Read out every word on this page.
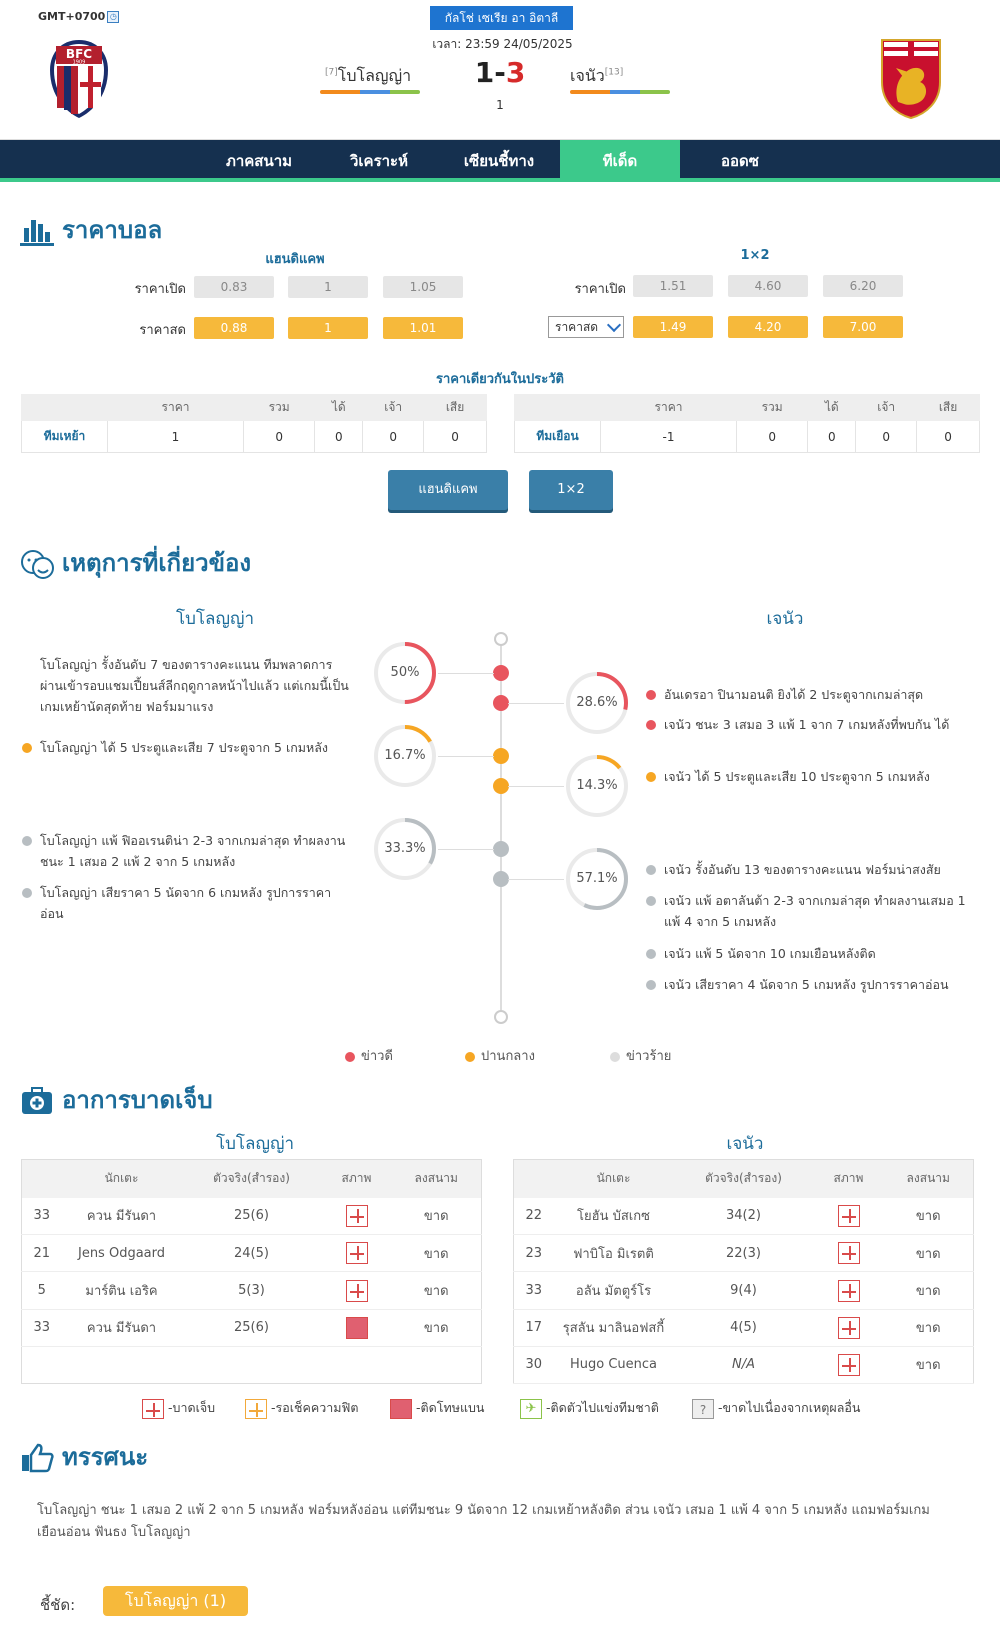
GMT+0700 ◷	กัลโช่ เซเรีย อา อิตาลี
เวลา: 23:59 24/05/2025
BFC
1909
[7]โบโลญญ่า 1-3
1
เจนัว[13]
ภาคสนาม	วิเคราะห์	เซียนชี้ทาง	ทีเด็ด	ออดซ
ราคาบอล
แฮนดิแคพ	1×2
ราคาเปิด	0.83	1	1.05
ราคาสด	0.88	1	1.01
ราคาเปิด	1.51	4.60	6.20
ราคาสด	1.49	4.20	7.00
ราคาเดียวกันในประวัติ
	ราคา	รวม	ได้	เจ้า	เสีย
ทีมเหย้า	1	0	0	0	0
	ราคา	รวม	ได้	เจ้า	เสีย
ทีมเยือน	-1	0	0	0	0
แฮนดิแคพ	1×2
เหตุการที่เกี่ยวข้อง
โบโลญญ่า	เจนัว
โบโลญญ่า รั้งอันดับ 7 ของตารางคะแนน ทีมพลาดการผ่านเข้ารอบแชมเปี้ยนส์ลีกฤดูกาลหน้าไปแล้ว แต่เกมนี้เป็นเกมเหย้านัดสุดท้าย ฟอร์มมาแรง
โบโลญญ่า ได้ 5 ประตูและเสีย 7 ประตูจาก 5 เกมหลัง
โบโลญญ่า แพ้ ฟิออเรนติน่า 2-3 จากเกมล่าสุด ทำผลงานชนะ 1 เสมอ 2 แพ้ 2 จาก 5 เกมหลัง
โบโลญญ่า เสียราคา 5 นัดจาก 6 เกมหลัง รูปการราคาอ่อน
อันเดรอา ปินามอนติ ยิงได้ 2 ประตูจากเกมล่าสุด
เจนัว ชนะ 3 เสมอ 3 แพ้ 1 จาก 7 เกมหลังที่พบกัน ได้
เจนัว ได้ 5 ประตูและเสีย 10 ประตูจาก 5 เกมหลัง
เจนัว รั้งอันดับ 13 ของตารางคะแนน ฟอร์มน่าสงสัย
เจนัว แพ้ อตาลันต้า 2-3 จากเกมล่าสุด ทำผลงานเสมอ 1 แพ้ 4 จาก 5 เกมหลัง
เจนัว แพ้ 5 นัดจาก 10 เกมเยือนหลังติด
เจนัว เสียราคา 4 นัดจาก 5 เกมหลัง รูปการราคาอ่อน
50%
28.6%
16.7%
14.3%
33.3%
57.1%
ข่าวดี	ปานกลาง	ข่าวร้าย
อาการบาดเจ็บ
โบโลญญ่า	เจนัว
	นักเตะ	ตัวจริง(สำรอง)	สภาพ	ลงสนาม
33	ควน มีรันดา	25(6)		ขาด
21	Jens Odgaard	24(5)		ขาด
5	มาร์ติน เอริค	5(3)		ขาด
33	ควน มีรันดา	25(6)		ขาด

	นักเตะ	ตัวจริง(สำรอง)	สภาพ	ลงสนาม
22	โยฮัน บัสเกซ	34(2)		ขาด
23	ฟาบิโอ มิเรตติ	22(3)		ขาด
33	อลัน มัตตูร์โร	9(4)		ขาด
17	รุสลัน มาลินอฟสกี้	4(5)		ขาด
30	Hugo Cuenca	N/A		ขาด
-บาดเจ็บ	-รอเช็คความฟิต	-ติดโทษแบน	✈ -ติดตัวไปแข่งทีมชาติ	? -ขาดไปเนื่องจากเหตุผลอื่น
ทรรศนะ
โบโลญญ่า ชนะ 1 เสมอ 2 แพ้ 2 จาก 5 เกมหลัง ฟอร์มหลังอ่อน แต่ทีมชนะ 9 นัดจาก 12 เกมเหย้าหลังติด ส่วน เจนัว เสมอ 1 แพ้ 4 จาก 5 เกมหลัง แถมฟอร์มเกมเยือนอ่อน ฟันธง โบโลญญ่า
ชี้ชัด:	โบโลญญ่า (1)
